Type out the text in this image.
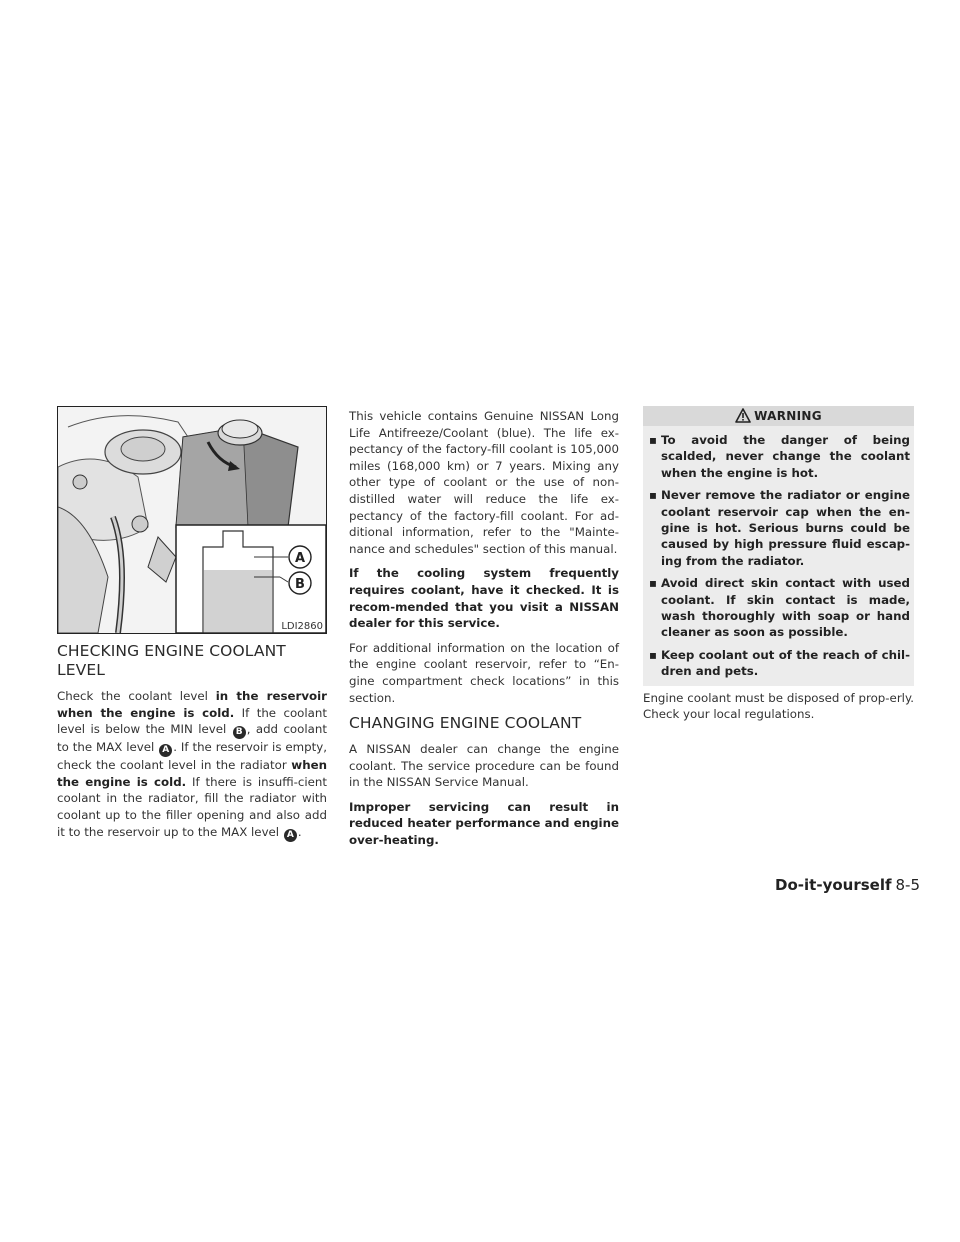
A
B
LDI2860
CHECKING ENGINE COOLANT LEVEL

Check the coolant level in the reservoir when the engine is cold. If the coolant level is below the MIN level B , add coolant to the MAX level A . If the reservoir is empty, check the coolant level in the radiator when the engine is cold. If there is insuffi-cient coolant in the radiator, fill the radiator with coolant up to the filler opening and also add it to the reservoir up to the MAX level A .

This vehicle contains Genuine NISSAN Long Life Antifreeze/Coolant (blue). The life ex-pectancy of the factory-fill coolant is 105,000 miles (168,000 km) or 7 years. Mixing any other type of coolant or the use of non-distilled water will reduce the life ex-pectancy of the factory-fill coolant. For ad-ditional information, refer to the "Mainte-nance and schedules" section of this manual.

If the cooling system frequently requires coolant, have it checked. It is recom-mended that you visit a NISSAN dealer for this service.

For additional information on the location of the engine coolant reservoir, refer to “En-gine compartment check locations” in this section.

CHANGING ENGINE COOLANT

A NISSAN dealer can change the engine coolant. The service procedure can be found in the NISSAN Service Manual.

Improper servicing can result in reduced heater performance and engine over-heating.

WARNING
▪ To avoid the danger of being scalded, never change the coolant when the engine is hot.
▪ Never remove the radiator or engine coolant reservoir cap when the en-gine is hot. Serious burns could be caused by high pressure fluid escap-ing from the radiator.
▪ Avoid direct skin contact with used coolant. If skin contact is made, wash thoroughly with soap or hand cleaner as soon as possible.
▪ Keep coolant out of the reach of chil-dren and pets.

Engine coolant must be disposed of prop-erly. Check your local regulations.

Do-it-yourself 8-5
